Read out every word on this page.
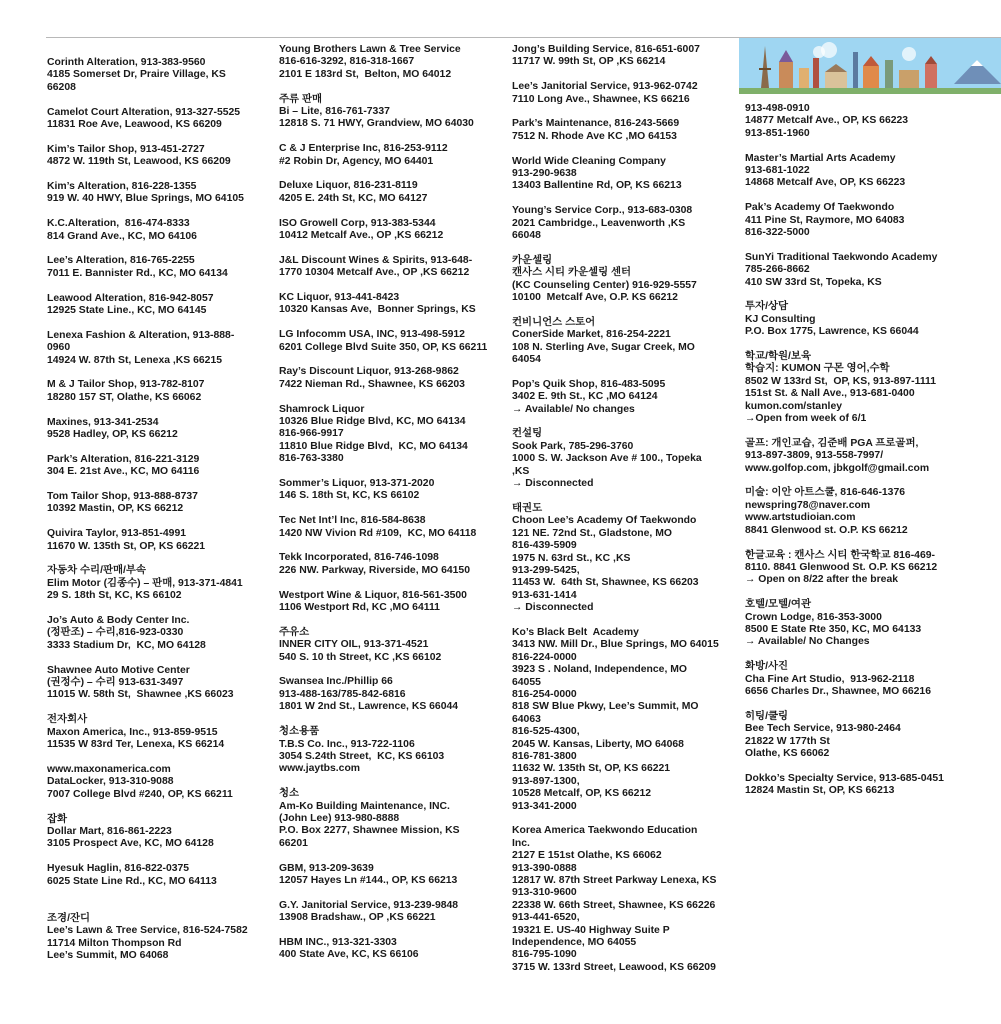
Corinth Alteration, 913-383-9560
4185 Somerset Dr, Praire Village, KS
66208
Camelot Court Alteration, 913-327-5525
11831 Roe Ave, Leawood, KS 66209
Kim’s Tailor Shop, 913-451-2727
4872 W. 119th St, Leawood, KS 66209
Kim’s Alteration, 816-228-1355
919 W. 40 HWY, Blue Springs, MO 64105
K.C.Alteration,  816-474-8333
814 Grand Ave., KC, MO 64106
Lee’s Alteration, 816-765-2255
7011 E. Bannister Rd., KC, MO 64134
Leawood Alteration, 816-942-8057
12925 State Line., KC, MO 64145
Lenexa Fashion & Alteration, 913-888-
0960
14924 W. 87th St, Lenexa ,KS 66215
M & J Tailor Shop, 913-782-8107
18280 157 ST, Olathe, KS 66062
Maxines, 913-341-2534
9528 Hadley, OP, KS 66212
Park’s Alteration, 816-221-3129
304 E. 21st Ave., KC, MO 64116
Tom Tailor Shop, 913-888-8737
10392 Mastin, OP, KS 66212
Quivira Taylor, 913-851-4991
11670 W. 135th St, OP, KS 66221
자동차 수리/판매/부속
Elim Motor (김종수) – 판매, 913-371-4841
29 S. 18th St, KC, KS 66102
Jo’s Auto & Body Center Inc.
(정판조) – 수리,816-923-0330
3333 Stadium Dr,  KC, MO 64128
Shawnee Auto Motive Center
(권정수) – 수리 913-631-3497
11015 W. 58th St,  Shawnee ,KS 66023
전자회사
Maxon America, Inc., 913-859-9515
11535 W 83rd Ter, Lenexa, KS 66214
www.maxonamerica.com
DataLocker, 913-310-9088
7007 College Blvd #240, OP, KS 66211
잡화
Dollar Mart, 816-861-2223
3105 Prospect Ave, KC, MO 64128
Hyesuk Haglin, 816-822-0375
6025 State Line Rd., KC, MO 64113

조경/잔디
Lee’s Lawn & Tree Service, 816-524-7582
11714 Milton Thompson Rd
Lee’s Summit, MO 64068
Young Brothers Lawn & Tree Service
816-616-3292, 816-318-1667
2101 E 183rd St,  Belton, MO 64012
주류 판매
Bi – Lite, 816-761-7337
12818 S. 71 HWY, Grandview, MO 64030
C & J Enterprise Inc, 816-253-9112
#2 Robin Dr, Agency, MO 64401
Deluxe Liquor, 816-231-8119
4205 E. 24th St, KC, MO 64127
ISO Growell Corp, 913-383-5344
10412 Metcalf Ave., OP ,KS 66212
J&L Discount Wines & Spirits, 913-648-
1770 10304 Metcalf Ave., OP ,KS 66212
KC Liquor, 913-441-8423
10320 Kansas Ave,  Bonner Springs, KS
LG Infocomm USA, INC, 913-498-5912
6201 College Blvd Suite 350, OP, KS 66211
Ray’s Discount Liquor, 913-268-9862
7422 Nieman Rd., Shawnee, KS 66203
Shamrock Liquor
10326 Blue Ridge Blvd, KC, MO 64134
816-966-9917
11810 Blue Ridge Blvd,  KC, MO 64134
816-763-3380
Sommer’s Liquor, 913-371-2020
146 S. 18th St, KC, KS 66102
Tec Net Int’l Inc, 816-584-8638
1420 NW Vivion Rd #109,  KC, MO 64118
Tekk Incorporated, 816-746-1098
226 NW. Parkway, Riverside, MO 64150
Westport Wine & Liquor, 816-561-3500
1106 Westport Rd, KC ,MO 64111
주유소
INNER CITY OIL, 913-371-4521
540 S. 10 th Street, KC ,KS 66102
Swansea Inc./Phillip 66
913-488-163/785-842-6816
1801 W 2nd St., Lawrence, KS 66044
청소용품
T.B.S Co. Inc., 913-722-1106
3054 S.24th Street,  KC, KS 66103
www.jaytbs.com
청소
Am-Ko Building Maintenance, INC.
(John Lee) 913-980-8888
P.O. Box 2277, Shawnee Mission, KS
66201
GBM, 913-209-3639
12057 Hayes Ln #144., OP, KS 66213
G.Y. Janitorial Service, 913-239-9848
13908 Bradshaw., OP ,KS 66221
HBM INC., 913-321-3303
400 State Ave, KC, KS 66106
Jong’s Building Service, 816-651-6007
11717 W. 99th St, OP ,KS 66214
Lee’s Janitorial Service, 913-962-0742
7110 Long Ave., Shawnee, KS 66216
Park’s Maintenance, 816-243-5669
7512 N. Rhode Ave KC ,MO 64153
World Wide Cleaning Company
913-290-9638
13403 Ballentine Rd, OP, KS 66213
Young’s Service Corp., 913-683-0308
2021 Cambridge., Leavenworth ,KS
66048
카운셀링
캔사스 시티 카운셀링 센터
(KC Counseling Center) 916-929-5557
10100  Metcalf Ave, O.P. KS 66212
컨비니언스 스토어
ConerSide Market, 816-254-2221
108 N. Sterling Ave, Sugar Creek, MO
64054
Pop’s Quik Shop, 816-483-5095
3402 E. 9th St., KC ,MO 64124
→ Available/ No changes
컨설팅
Sook Park, 785-296-3760
1000 S. W. Jackson Ave # 100., Topeka
,KS
→ Disconnected
태권도
Choon Lee’s Academy Of Taekwondo
121 NE. 72nd St., Gladstone, MO
816-439-5909
1975 N. 63rd St., KC ,KS
913-299-5425,
11453 W.  64th St, Shawnee, KS 66203
913-631-1414
→ Disconnected
Ko’s Black Belt  Academy
3413 NW. Mill Dr., Blue Springs, MO 64015
816-224-0000
3923 S . Noland, Independence, MO
64055
816-254-0000
818 SW Blue Pkwy, Lee’s Summit, MO
64063
816-525-4300,
2045 W. Kansas, Liberty, MO 64068
816-781-3800
11632 W. 135th St, OP, KS 66221
913-897-1300,
10528 Metcalf, OP, KS 66212
913-341-2000
Korea America Taekwondo Education
Inc.
2127 E 151st Olathe, KS 66062
913-390-0888
12817 W. 87th Street Parkway Lenexa, KS
913-310-9600
22338 W. 66th Street, Shawnee, KS 66226
913-441-6520,
19321 E. US-40 Highway Suite P
Independence, MO 64055
816-795-1090
3715 W. 133rd Street, Leawood, KS 66209
913-498-0910
14877 Metcalf Ave., OP, KS 66223
913-851-1960
Master’s Martial Arts Academy
913-681-1022
14868 Metcalf Ave, OP, KS 66223
Pak’s Academy Of Taekwondo
411 Pine St, Raymore, MO 64083
816-322-5000
SunYi Traditional Taekwondo Academy
785-266-8662
410 SW 33rd St, Topeka, KS
투자/상담
KJ Consulting
P.O. Box 1775, Lawrence, KS 66044
학교/학원/보육
학습지: KUMON 구몬 영어,수학
8502 W 133rd St,  OP, KS, 913-897-1111
151st St. & Nall Ave., 913-681-0400
kumon.com/stanley
→Open from week of 6/1
골프: 개인교습, 김준배 PGA 프로골퍼,
913-897-3809, 913-558-7997/
www.golfop.com, jbkgolf@gmail.com
미술: 이안 아트스쿨, 816-646-1376
newspring78@naver.com
www.artstudioian.com
8841 Glenwood st. O.P. KS 66212
한글교육 : 캔사스 시티 한국학교 816-469-
8110. 8841 Glenwood St. O.P. KS 66212
→ Open on 8/22 after the break
호텔/모텔/여관
Crown Lodge, 816-353-3000
8500 E State Rte 350, KC, MO 64133
→ Available/ No Changes
화방/사진
Cha Fine Art Studio,  913-962-2118
6656 Charles Dr., Shawnee, MO 66216
히팅/쿨링
Bee Tech Service, 913-980-2464
21822 W 177th St
Olathe, KS 66062
Dokko’s Specialty Service, 913-685-0451
12824 Mastin St, OP, KS 66213
